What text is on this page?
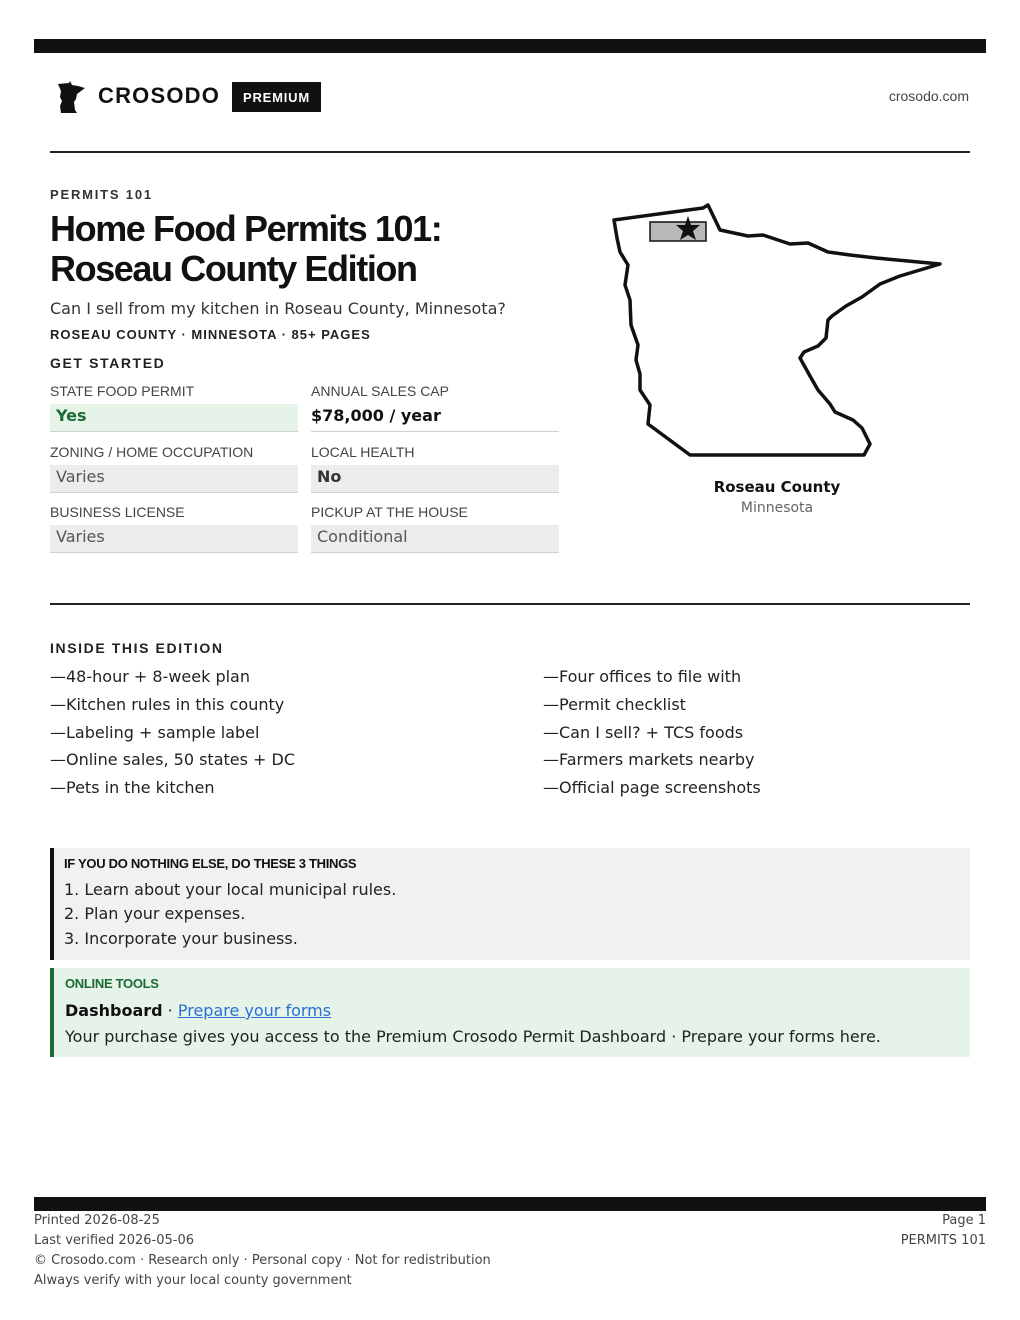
CROSODO	PREMIUM	crosodo.com
PERMITS 101
Home Food Permits 101: Roseau County Edition
Can I sell from my kitchen in Roseau County, Minnesota?
ROSEAU COUNTY · MINNESOTA · 85+ PAGES
GET STARTED
STATE FOOD PERMIT
Yes
ANNUAL SALES CAP
$78,000 / year
ZONING / HOME OCCUPATION
Varies
LOCAL HEALTH
No
BUSINESS LICENSE
Varies
PICKUP AT THE HOUSE
Conditional
Roseau County
Minnesota
INSIDE THIS EDITION
—48-hour + 8-week plan
—Kitchen rules in this county
—Labeling + sample label
—Online sales, 50 states + DC
—Pets in the kitchen
—Four offices to file with
—Permit checklist
—Can I sell? + TCS foods
—Farmers markets nearby
—Official page screenshots
IF YOU DO NOTHING ELSE, DO THESE 3 THINGS
1. Learn about your local municipal rules.
2. Plan your expenses.
3. Incorporate your business.
ONLINE TOOLS
Dashboard · Prepare your forms
Your purchase gives you access to the Premium Crosodo Permit Dashboard · Prepare your forms here.
Printed 2026-08-25
Last verified 2026-05-06
© Crosodo.com · Research only · Personal copy · Not for redistribution
Always verify with your local county government
Page 1
PERMITS 101
